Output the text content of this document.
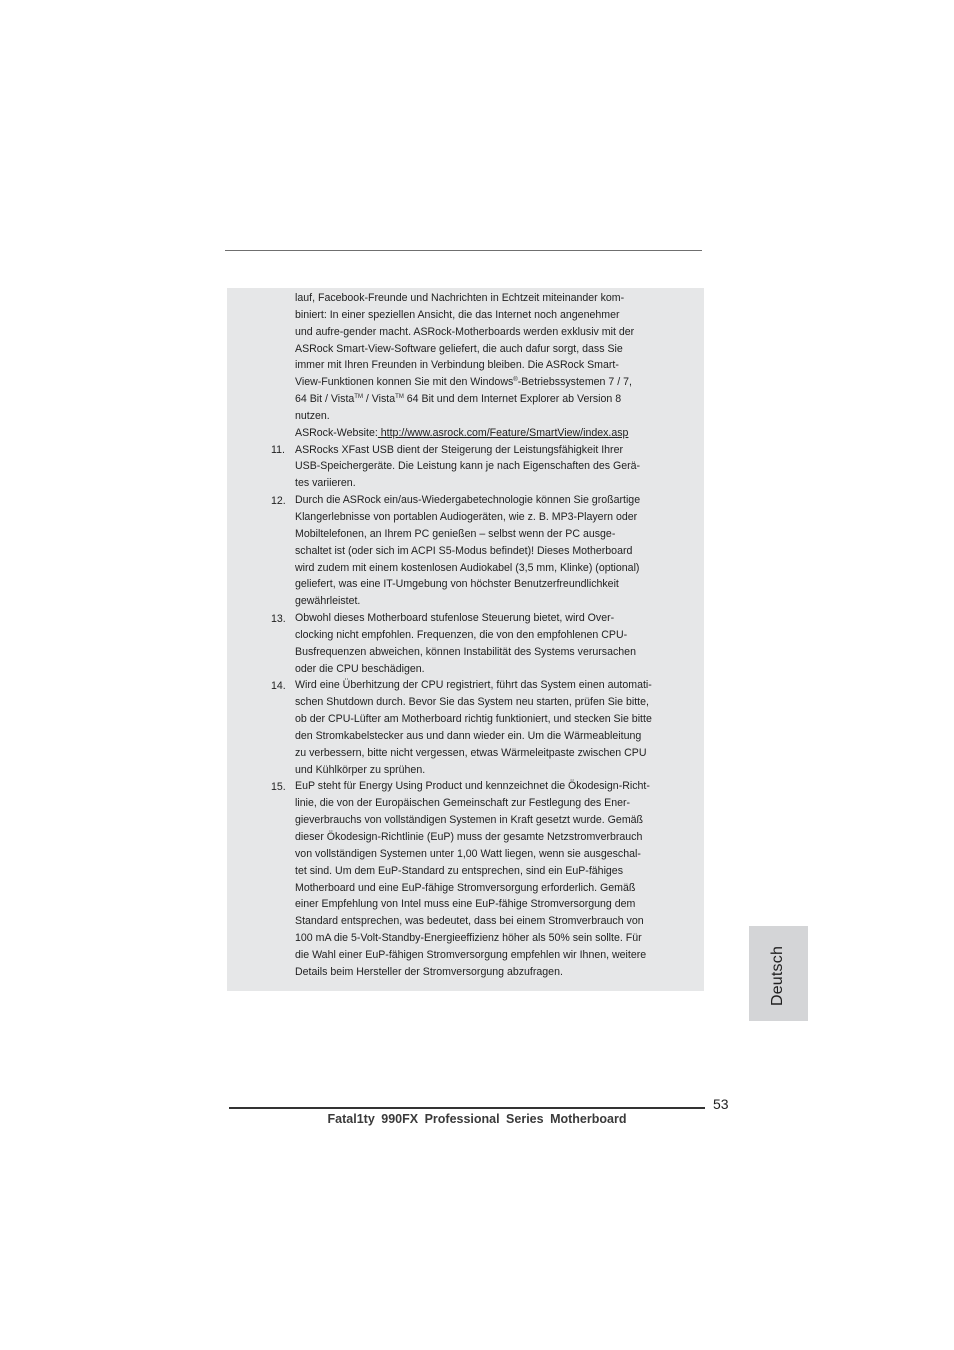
lauf, Facebook-Freunde und Nachrichten in Echtzeit miteinander kom-
biniert: In einer speziellen Ansicht, die das Internet noch angenehmer
und aufre-gender macht. ASRock-Motherboards werden exklusiv mit der
ASRock Smart-View-Software geliefert, die auch dafur sorgt, dass Sie
immer mit Ihren Freunden in Verbindung bleiben. Die ASRock Smart-
View-Funktionen konnen Sie mit den Windows®-Betriebssystemen 7 / 7,
64 Bit / Vista™ / Vista™ 64 Bit und dem Internet Explorer ab Version 8
nutzen.
ASRock-Website: http://www.asrock.com/Feature/SmartView/index.asp
ASRocks XFast USB dient der Steigerung der Leistungsfähigkeit Ihrer
USB-Speichergeräte. Die Leistung kann je nach Eigenschaften des Gerä-
tes variieren.
Durch die ASRock ein/aus-Wiedergabetechnologie können Sie großartige
Klangerlebnisse von portablen Audiogeräten, wie z. B. MP3-Playern oder
Mobiltelefonen, an Ihrem PC genießen – selbst wenn der PC ausge-
schaltet ist (oder sich im ACPI S5-Modus befindet)! Dieses Motherboard
wird zudem mit einem kostenlosen Audiokabel (3,5 mm, Klinke) (optional)
geliefert, was eine IT-Umgebung von höchster Benutzerfreundlichkeit
gewährleistet.
Obwohl dieses Motherboard stufenlose Steuerung bietet, wird Over-
clocking nicht empfohlen. Frequenzen, die von den empfohlenen CPU-
Busfrequenzen abweichen, können Instabilität des Systems verursachen
oder die CPU beschädigen.
Wird eine Überhitzung der CPU registriert, führt das System einen automati-
schen Shutdown durch. Bevor Sie das System neu starten, prüfen Sie bitte,
ob der CPU-Lüfter am Motherboard richtig funktioniert, und stecken Sie bitte
den Stromkabelstecker aus und dann wieder ein. Um die Wärmeableitung
zu verbessern, bitte nicht vergessen, etwas Wärmeleitpaste zwischen CPU
und Kühlkörper zu sprühen.
EuP steht für Energy Using Product und kennzeichnet die Ökodesign-Richt-
linie, die von der Europäischen Gemeinschaft zur Festlegung des Ener-
gieverbrauchs von vollständigen Systemen in Kraft gesetzt wurde. Gemäß
dieser Ökodesign-Richtlinie (EuP) muss der gesamte Netzstromverbrauch
von vollständigen Systemen unter 1,00 Watt liegen, wenn sie ausgeschal-
tet sind. Um dem EuP-Standard zu entsprechen, sind ein EuP-fähiges
Motherboard und eine EuP-fähige Stromversorgung erforderlich. Gemäß
einer Empfehlung von Intel muss eine EuP-fähige Stromversorgung dem
Standard entsprechen, was bedeutet, dass bei einem Stromverbrauch von
100 mA die 5-Volt-Standby-Energieeffizienz höher als 50% sein sollte. Für
die Wahl einer EuP-fähigen Stromversorgung empfehlen wir Ihnen, weitere
Details beim Hersteller der Stromversorgung abzufragen.
11.
12.
13.
14.
15.
Deutsch
53
Fatal1ty 990FX Professional Series Motherboard
